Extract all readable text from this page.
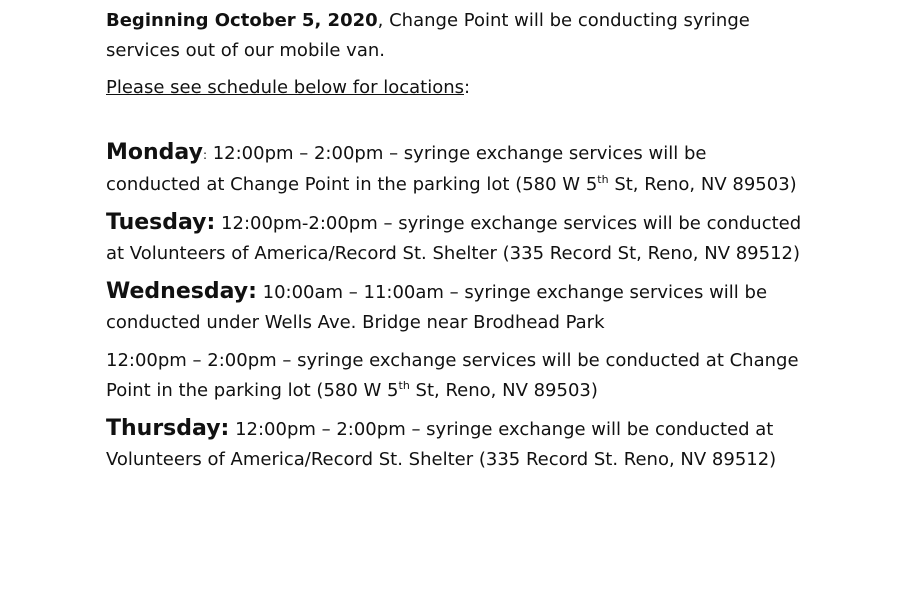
Beginning October 5, 2020, Change Point will be conducting syringe services out of our mobile van.

Please see schedule below for locations:

Monday: 12:00pm – 2:00pm – syringe exchange services will be conducted at Change Point in the parking lot (580 W 5th St, Reno, NV 89503)

Tuesday: 12:00pm-2:00pm – syringe exchange services will be conducted at Volunteers of America/Record St. Shelter (335 Record St, Reno, NV 89512)

Wednesday: 10:00am – 11:00am – syringe exchange services will be conducted under Wells Ave. Bridge near Brodhead Park

12:00pm – 2:00pm – syringe exchange services will be conducted at Change Point in the parking lot (580 W 5th St, Reno, NV 89503)

Thursday: 12:00pm – 2:00pm – syringe exchange will be conducted at Volunteers of America/Record St. Shelter (335 Record St. Reno, NV 89512)
